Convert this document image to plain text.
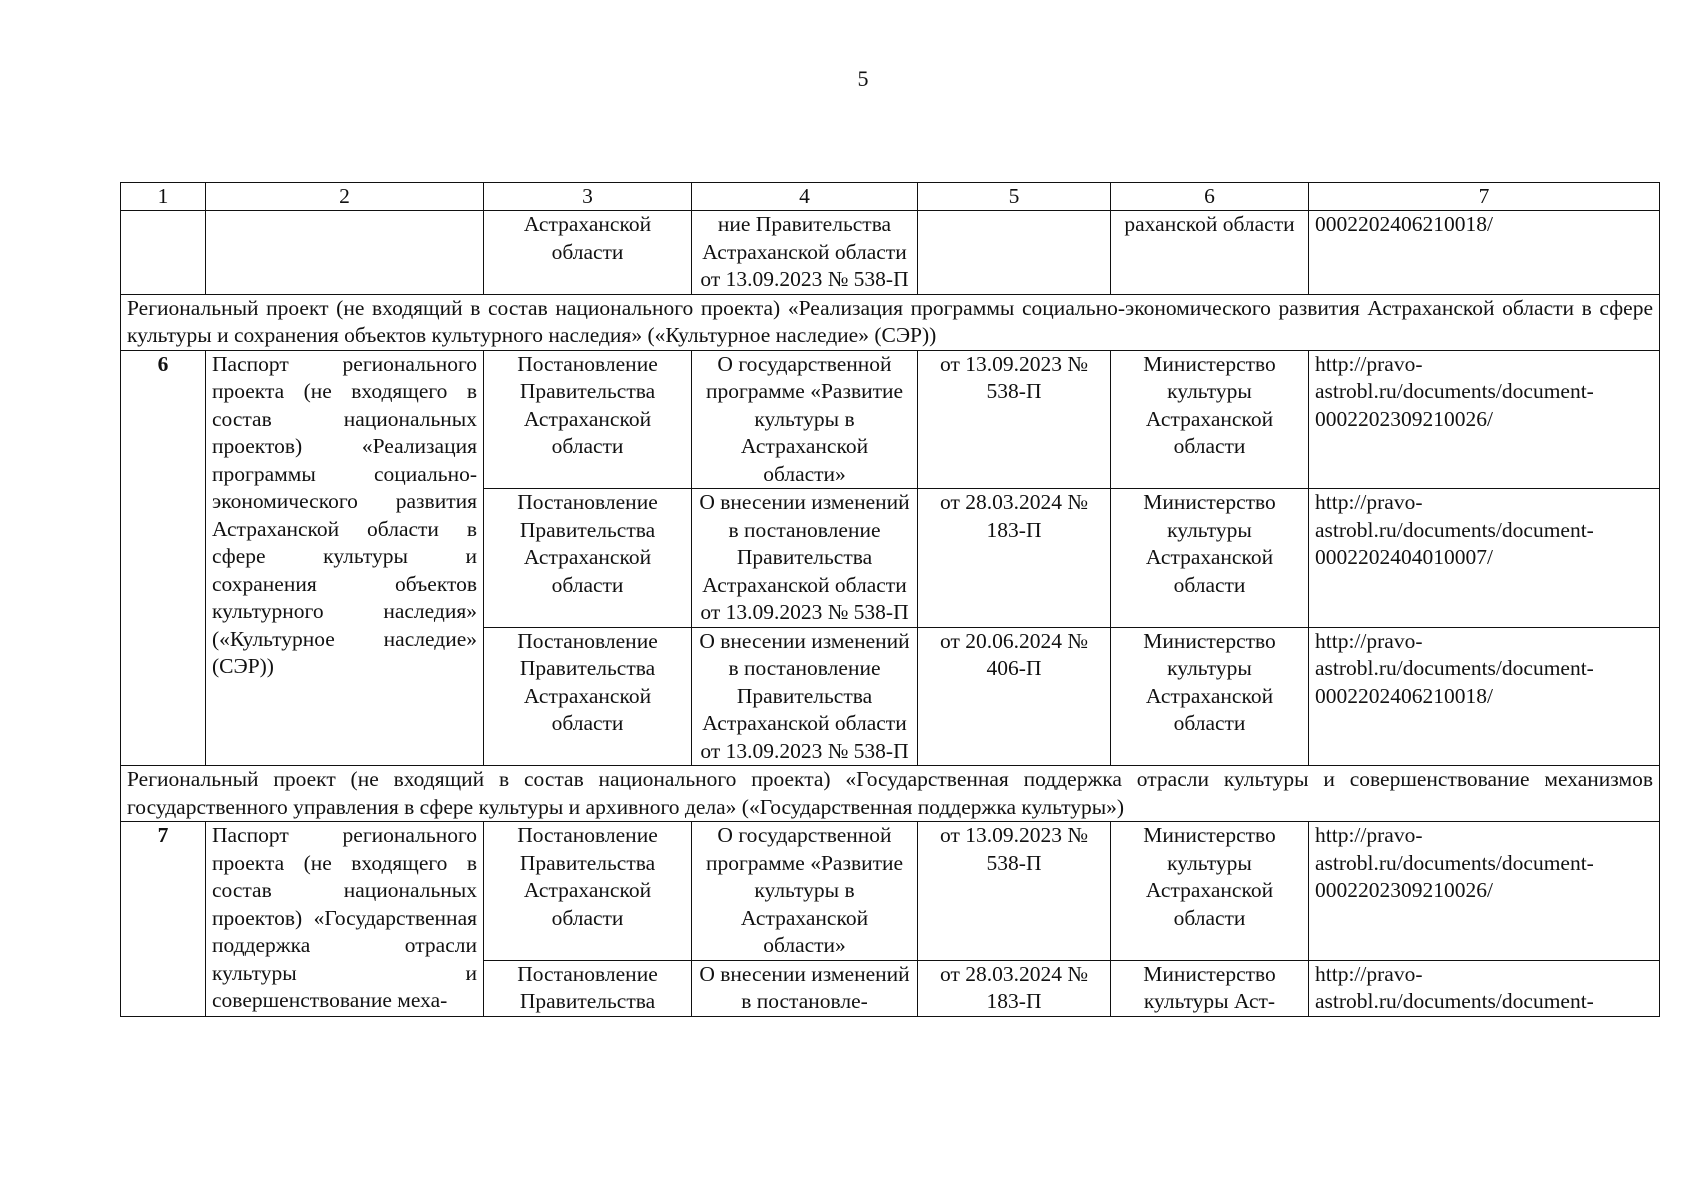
5
1	2	3	4	5	6	7
		Астраханской области	ние Правительства Астраханской области от 13.09.2023 № 538-П		раханской области	0002202406210018/
Региональный проект (не входящий в состав национального проекта) «Реализация программы социально-экономического развития Астраханской области в сфере культуры и сохранения объектов культурного наследия» («Культурное наследие» (СЭР))						
6	Паспорт регионального проекта (не входящего в состав национальных проектов) «Реализация программы социально-экономического развития Астраханской области в сфере культуры и сохранения объектов культурного наследия» («Культурное наследие» (СЭР))	Постановление Правительства Астраханской области	О государственной программе «Развитие культуры в Астраханской области»	от 13.09.2023 № 538-П	Министерство культуры Астраханской области	http://pravo-astrobl.ru/documents/document-0002202309210026/
		Постановление Правительства Астраханской области	О внесении изменений в постановление Правительства Астраханской области от 13.09.2023 № 538-П	от 28.03.2024 № 183-П	Министерство культуры Астраханской области	http://pravo-astrobl.ru/documents/document-0002202404010007/
		Постановление Правительства Астраханской области	О внесении изменений в постановление Правительства Астраханской области от 13.09.2023 № 538-П	от 20.06.2024 № 406-П	Министерство культуры Астраханской области	http://pravo-astrobl.ru/documents/document-0002202406210018/
Региональный проект (не входящий в состав национального проекта) «Государственная поддержка отрасли культуры и совершенствование механизмов государственного управления в сфере культуры и архивного дела» («Государственная поддержка культуры»)						
7	Паспорт регионального проекта (не входящего в состав национальных проектов) «Государственная поддержка отрасли культуры и совершенствование меха-	Постановление Правительства Астраханской области	О государственной программе «Развитие культуры в Астраханской области»	от 13.09.2023 № 538-П	Министерство культуры Астраханской области	http://pravo-astrobl.ru/documents/document-0002202309210026/
		Постановление Правительства	О внесении изменений в постановле-	от 28.03.2024 № 183-П	Министерство культуры Аст-	http://pravo-astrobl.ru/documents/document-
